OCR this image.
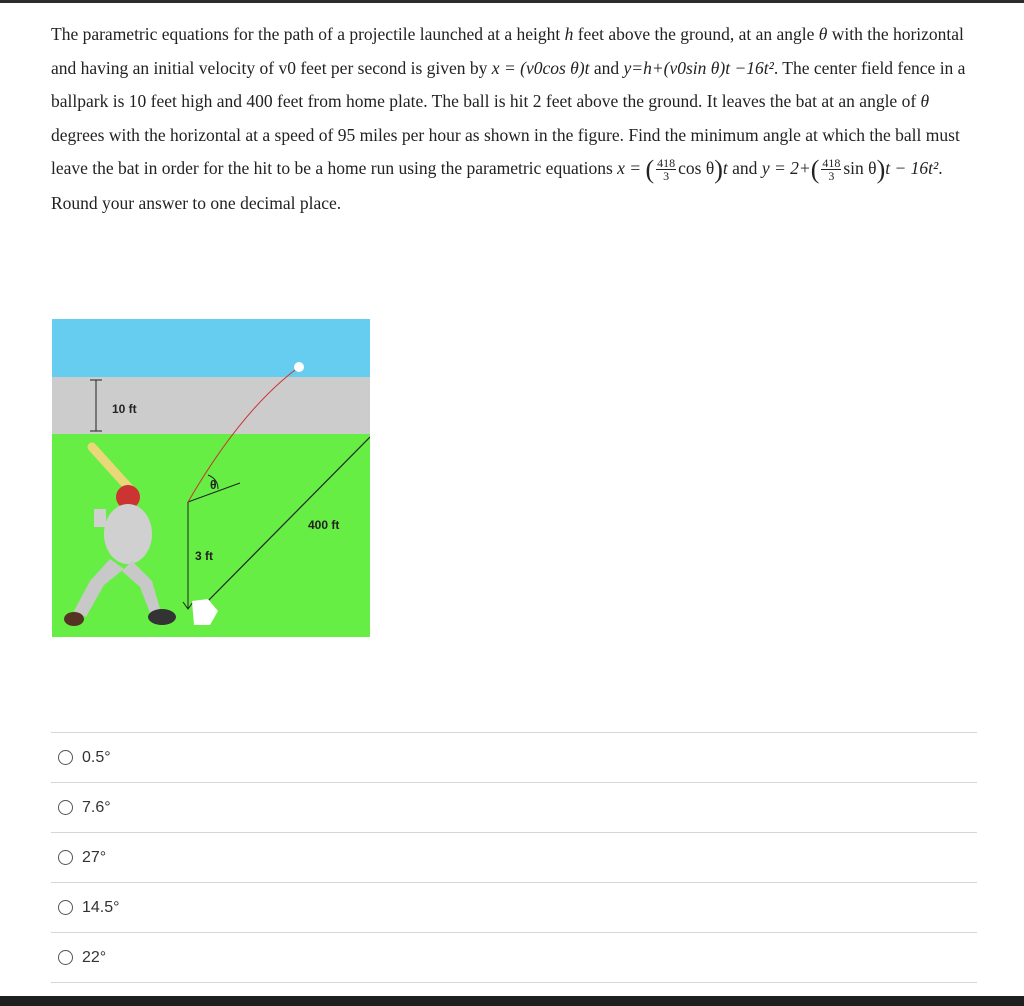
The parametric equations for the path of a projectile launched at a height h feet above the ground, at an angle θ with the horizontal and having an initial velocity of v0 feet per second is given by x = (v0cos θ)t and y=h+(v0sin θ)t −16t². The center field fence in a ballpark is 10 feet high and 400 feet from home plate. The ball is hit 2 feet above the ground. It leaves the bat at an angle of θ degrees with the horizontal at a speed of 95 miles per hour as shown in the figure. Find the minimum angle at which the ball must leave the bat in order for the hit to be a home run using the parametric equations x = ( $\frac{418}{3}$ cos θ)t and $y = 2+( \frac{418}{3}$ sin θ)t − 16t². Round your answer to one decimal place.

10 ft
400 ft
3 ft
θ
0.5°
7.6°
27°
14.5°
22°
